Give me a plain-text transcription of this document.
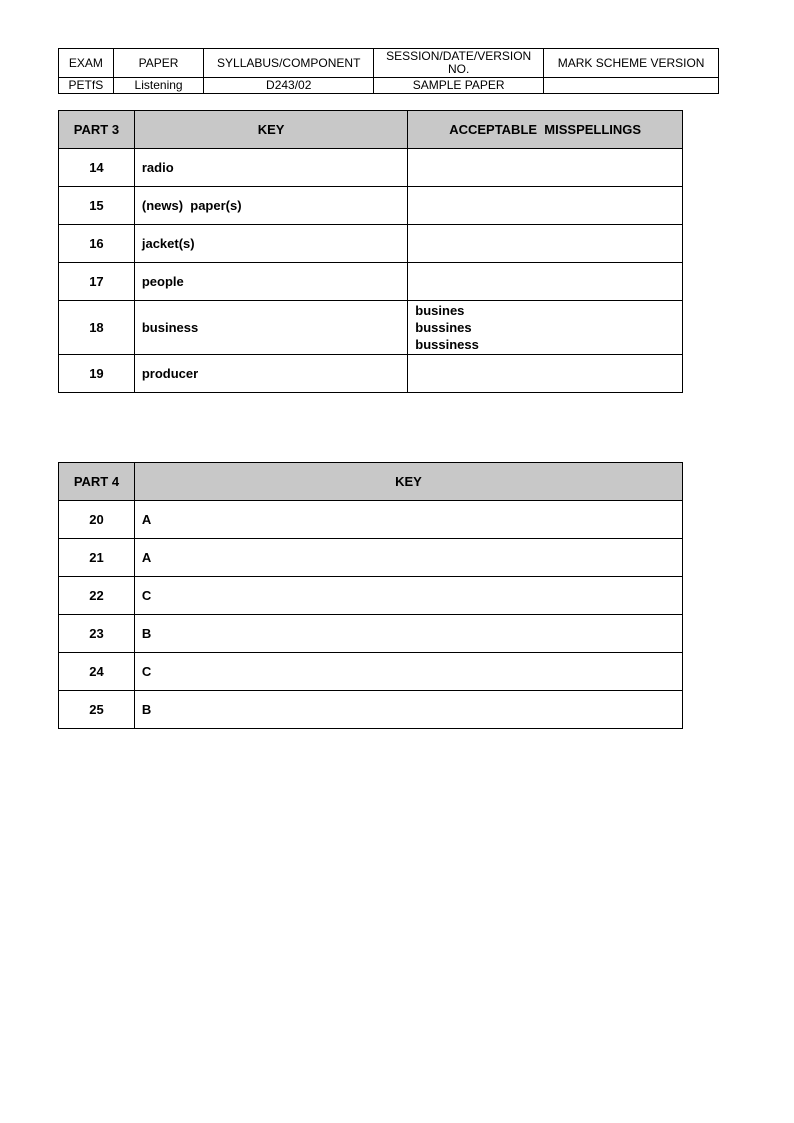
EXAM	PAPER	SYLLABUS/COMPONENT	SESSION/DATE/VERSION NO.	MARK SCHEME VERSION
PETfS	Listening	D243/02	SAMPLE PAPER	
PART 3	KEY	ACCEPTABLE  MISSPELLINGS
14	radio	
15	(news)  paper(s)	
16	jacket(s)	
17	people	
18	business	busines
bussines
bussiness

19	producer	
PART 4	KEY
20	A
21	A
22	C
23	B
24	C
25	B
